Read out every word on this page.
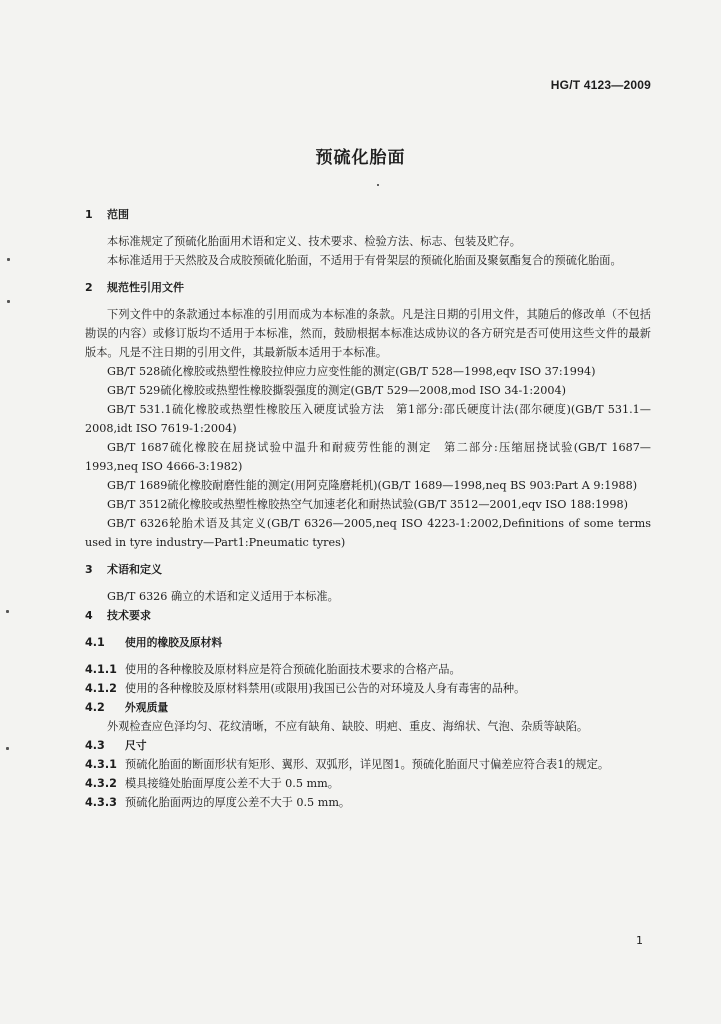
HG/T 4123—2009
预硫化胎面

1 范围

本标准规定了预硫化胎面用术语和定义、技术要求、检验方法、标志、包装及贮存。

本标准适用于天然胶及合成胶预硫化胎面，不适用于有骨架层的预硫化胎面及聚氨酯复合的预硫化胎面。

2 规范性引用文件

下列文件中的条款通过本标准的引用而成为本标准的条款。凡是注日期的引用文件，其随后的修改单（不包括勘误的内容）或修订版均不适用于本标准，然而，鼓励根据本标准达成协议的各方研究是否可使用这些文件的最新版本。凡是不注日期的引用文件，其最新版本适用于本标准。

GB/T 528硫化橡胶或热塑性橡胶拉伸应力应变性能的测定(GB/T 528—1998,eqv ISO 37:1994)

GB/T 529硫化橡胶或热塑性橡胶撕裂强度的测定(GB/T 529—2008,mod ISO 34-1:2004)

GB/T 531.1硫化橡胶或热塑性橡胶压入硬度试验方法　第1部分:邵氏硬度计法(邵尔硬度)(GB/T 531.1—2008,idt ISO 7619-1:2004)

GB/T 1687硫化橡胶在屈挠试验中温升和耐疲劳性能的测定　第二部分:压缩屈挠试验(GB/T 1687—1993,neq ISO 4666-3:1982)

GB/T 1689硫化橡胶耐磨性能的测定(用阿克隆磨耗机)(GB/T 1689—1998,neq BS 903:Part A 9:1988)

GB/T 3512硫化橡胶或热塑性橡胶热空气加速老化和耐热试验(GB/T 3512—2001,eqv ISO 188:1998)

GB/T 6326轮胎术语及其定义(GB/T 6326—2005,neq ISO 4223-1:2002,Definitions of some terms used in tyre industry—Part1:Pneumatic tyres)

3 术语和定义

GB/T 6326 确立的术语和定义适用于本标准。

4 技术要求

4.1 使用的橡胶及原材料

4.1.1 使用的各种橡胶及原材料应是符合预硫化胎面技术要求的合格产品。

4.1.2 使用的各种橡胶及原材料禁用(或限用)我国已公告的对环境及人身有毒害的品种。

4.2 外观质量

外观检查应色泽均匀、花纹清晰，不应有缺角、缺胶、明疤、重皮、海绵状、气泡、杂质等缺陷。

4.3 尺寸

4.3.1 预硫化胎面的断面形状有矩形、翼形、双弧形，详见图1。预硫化胎面尺寸偏差应符合表1的规定。

4.3.2 模具接缝处胎面厚度公差不大于 0.5 mm。

4.3.3 预硫化胎面两边的厚度公差不大于 0.5 mm。

1
